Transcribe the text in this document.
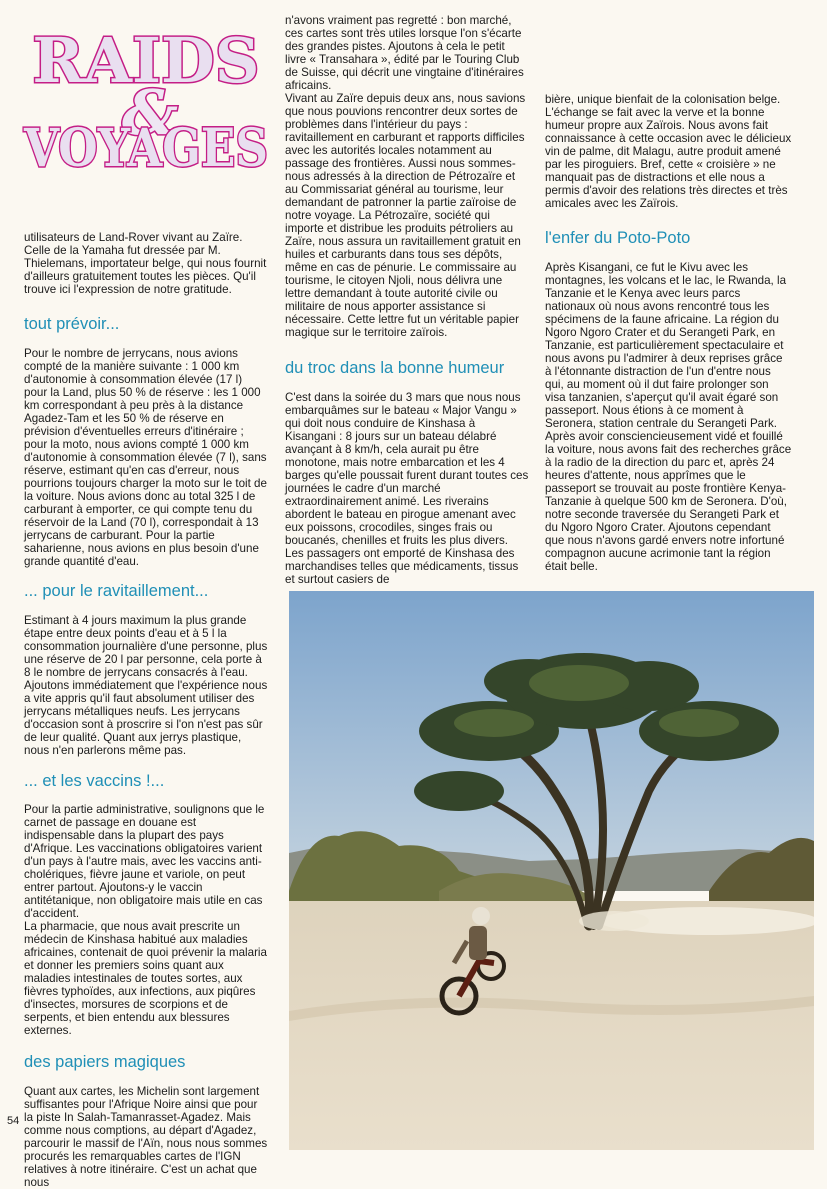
RAIDS
&
VOYAGES

utilisateurs de Land-Rover vivant au Zaïre. Celle de la Yamaha fut dressée par M. Thielemans, importateur belge, qui nous fournit d'ailleurs gratuitement toutes les pièces. Qu'il trouve ici l'expression de notre gratitude.

tout prévoir...

Pour le nombre de jerrycans, nous avions compté de la manière suivante : 1 000 km d'autonomie à consommation élevée (17 l) pour la Land, plus 50 % de réserve : les 1 000 km correspondant à peu près à la distance Agadez-Tam et les 50 % de réserve en prévision d'éventuelles erreurs d'itinéraire ; pour la moto, nous avions compté 1 000 km d'autonomie à consommation élevée (7 l), sans réserve, estimant qu'en cas d'erreur, nous pourrions toujours charger la moto sur le toit de la voiture. Nous avions donc au total 325 l de carburant à emporter, ce qui compte tenu du réservoir de la Land (70 l), correspondait à 13 jerrycans de carburant. Pour la partie saharienne, nous avions en plus besoin d'une grande quantité d'eau.

... pour le ravitaillement...

Estimant à 4 jours maximum la plus grande étape entre deux points d'eau et à 5 l la consommation journalière d'une personne, plus une réserve de 20 l par personne, cela porte à 8 le nombre de jerrycans consacrés à l'eau. Ajoutons immédiatement que l'expérience nous a vite appris qu'il faut absolument utiliser des jerrycans métalliques neufs. Les jerrycans d'occasion sont à proscrire si l'on n'est pas sûr de leur qualité. Quant aux jerrys plastique, nous n'en parlerons même pas.

... et les vaccins !...

Pour la partie administrative, soulignons que le carnet de passage en douane est indispensable dans la plupart des pays d'Afrique. Les vaccinations obligatoires varient d'un pays à l'autre mais, avec les vaccins anti-cholériques, fièvre jaune et variole, on peut entrer partout. Ajoutons-y le vaccin antitétanique, non obligatoire mais utile en cas d'accident.

La pharmacie, que nous avait prescrite un médecin de Kinshasa habitué aux maladies africaines, contenait de quoi prévenir la malaria et donner les premiers soins quant aux maladies intestinales de toutes sortes, aux fièvres typhoïdes, aux infections, aux piqûres d'insectes, morsures de scorpions et de serpents, et bien entendu aux blessures externes.

des papiers magiques

Quant aux cartes, les Michelin sont largement suffisantes pour l'Afrique Noire ainsi que pour la piste In Salah-Tamanrasset-Agadez. Mais comme nous comptions, au départ d'Agadez, parcourir le massif de l'Aïn, nous nous sommes procurés les remarquables cartes de l'IGN relatives à notre itinéraire. C'est un achat que nous

54

n'avons vraiment pas regretté : bon marché, ces cartes sont très utiles lorsque l'on s'écarte des grandes pistes. Ajoutons à cela le petit livre « Transahara », édité par le Touring Club de Suisse, qui décrit une vingtaine d'itinéraires africains.

Vivant au Zaïre depuis deux ans, nous savions que nous pouvions rencontrer deux sortes de problèmes dans l'intérieur du pays : ravitaillement en carburant et rapports difficiles avec les autorités locales notamment au passage des frontières. Aussi nous sommes-nous adressés à la direction de Pétrozaïre et au Commissariat général au tourisme, leur demandant de patronner la partie zaïroise de notre voyage. La Pétrozaïre, société qui importe et distribue les produits pétroliers au Zaïre, nous assura un ravitaillement gratuit en huiles et carburants dans tous ses dépôts, même en cas de pénurie. Le commissaire au tourisme, le citoyen Njoli, nous délivra une lettre demandant à toute autorité civile ou militaire de nous apporter assistance si nécessaire. Cette lettre fut un véritable papier magique sur le territoire zaïrois.

du troc dans la bonne humeur

C'est dans la soirée du 3 mars que nous nous embarquâmes sur le bateau « Major Vangu » qui doit nous conduire de Kinshasa à Kisangani : 8 jours sur un bateau délabré avançant à 8 km/h, cela aurait pu être monotone, mais notre embarcation et les 4 barges qu'elle poussait furent durant toutes ces journées le cadre d'un marché extraordinairement animé. Les riverains abordent le bateau en pirogue amenant avec eux poissons, crocodiles, singes frais ou boucanés, chenilles et fruits les plus divers. Les passagers ont emporté de Kinshasa des marchandises telles que médicaments, tissus et surtout casiers de

bière, unique bienfait de la colonisation belge. L'échange se fait avec la verve et la bonne humeur propre aux Zaïrois. Nous avons fait connaissance à cette occasion avec le délicieux vin de palme, dit Malagu, autre produit amené par les piroguiers. Bref, cette « croisière » ne manquait pas de distractions et elle nous a permis d'avoir des relations très directes et très amicales avec les Zaïrois.

l'enfer du Poto-Poto

Après Kisangani, ce fut le Kivu avec les montagnes, les volcans et le lac, le Rwanda, la Tanzanie et le Kenya avec leurs parcs nationaux où nous avons rencontré tous les spécimens de la faune africaine. La région du Ngoro Ngoro Crater et du Serangeti Park, en Tanzanie, est particulièrement spectaculaire et nous avons pu l'admirer à deux reprises grâce à l'étonnante distraction de l'un d'entre nous qui, au moment où il dut faire prolonger son visa tanzanien, s'aperçut qu'il avait égaré son passeport. Nous étions à ce moment à Seronera, station centrale du Serangeti Park. Après avoir consciencieusement vidé et fouillé la voiture, nous avons fait des recherches grâce à la radio de la direction du parc et, après 24 heures d'attente, nous apprîmes que le passeport se trouvait au poste frontière Kenya-Tanzanie à quelque 500 km de Seronera. D'où, notre seconde traversée du Serangeti Park et du Ngoro Ngoro Crater. Ajoutons cependant que nous n'avons gardé envers notre infortuné compagnon aucune acrimonie tant la région était belle.
